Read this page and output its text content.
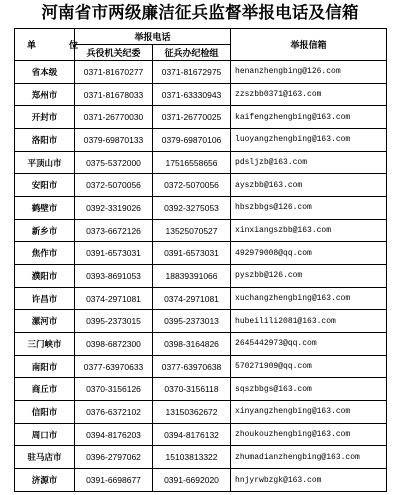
河南省市两级廉洁征兵监督举报电话及信箱
单　位	举报电话		举报信箱
	兵役机关纪委	征兵办纪检组	
省本级	0371-81670277	0371-81672975	henanzhengbing@126.com
郑州市	0371-81678033	0371-63330943	zzszbb0371@163.com
开封市	0371-26770030	0371-26770025	kaifengzhengbing@163.com
洛阳市	0379-69870133	0379-69870106	luoyangzhengbing@163.com
平顶山市	0375-5372000	17516558656	pdsljzb@163.com
安阳市	0372-5070056	0372-5070056	ayszbb@163.com
鹤壁市	0392-3319026	0392-3275053	hbszbbgs@126.com
新乡市	0373-6672126	13525070527	xinxiangszbb@163.com
焦作市	0391-6573031	0391-6573031	492979008@qq.com
濮阳市	0393-8691053	18839391066	pyszbb@126.com
许昌市	0374-2971081	0374-2971081	xuchangzhengbing@163.com
漯河市	0395-2373015	0395-2373013	hubeilili2081@163.com
三门峡市	0398-6872300	0398-3164826	2645442973@qq.com
南阳市	0377-63970633	0377-63970638	570271909@qq.com
商丘市	0370-3156126	0370-3156118	sqszbbgs@163.com
信阳市	0376-6372102	13150362672	xinyangzhengbing@163.com
周口市	0394-8176203	0394-8176132	zhoukouzhengbing@163.com
驻马店市	0396-2797062	15103813322	zhumadianzhengbing@163.com
济源市	0391-6698677	0391-6692020	hnjyrwbzgk@163.com
